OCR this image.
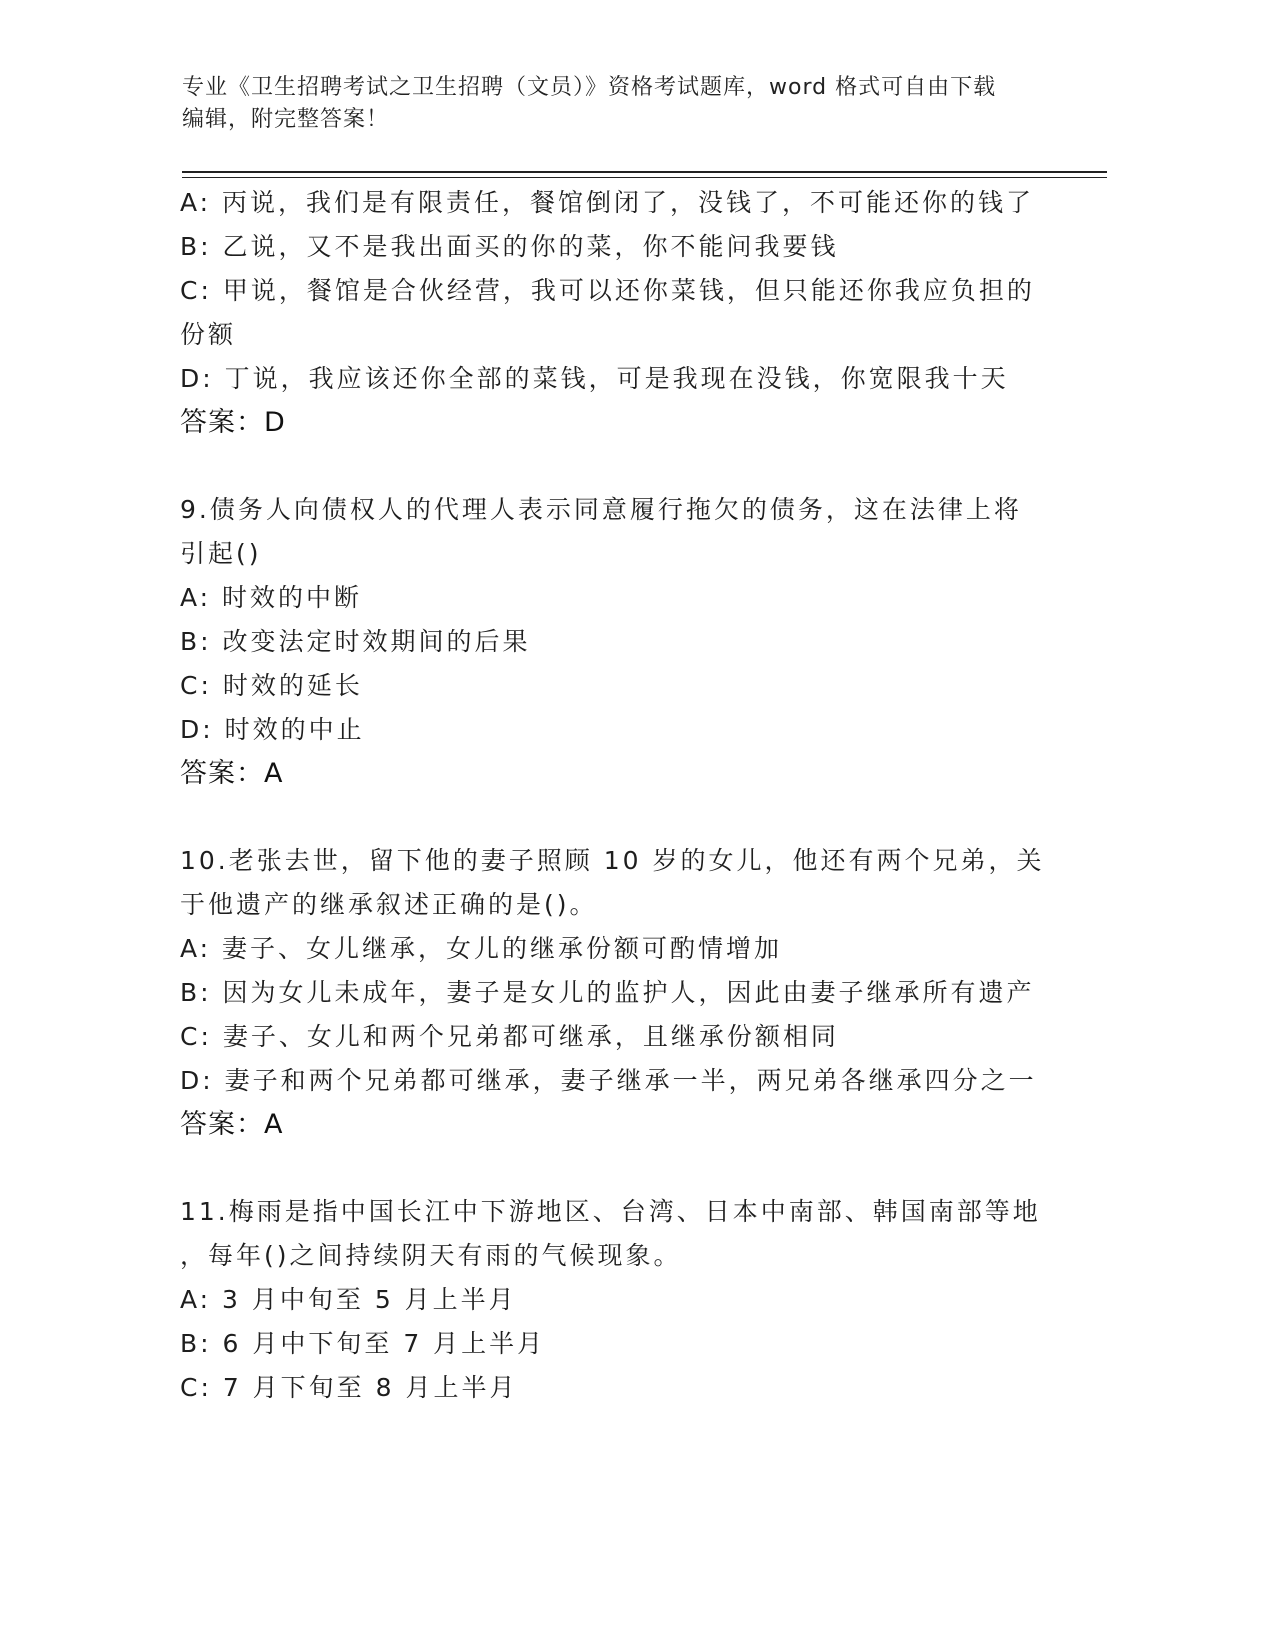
专业《卫生招聘考试之卫生招聘（文员）》资格考试题库，word 格式可自由下载
编辑，附完整答案！
A: 丙说，我们是有限责任，餐馆倒闭了，没钱了，不可能还你的钱了
B: 乙说，又不是我出面买的你的菜，你不能问我要钱
C: 甲说，餐馆是合伙经营，我可以还你菜钱，但只能还你我应负担的
份额
D: 丁说，我应该还你全部的菜钱，可是我现在没钱，你宽限我十天
答案：D
9.债务人向债权人的代理人表示同意履行拖欠的债务，这在法律上将
引起()
A: 时效的中断
B: 改变法定时效期间的后果
C: 时效的延长
D: 时效的中止
答案：A
10.老张去世，留下他的妻子照顾 10 岁的女儿，他还有两个兄弟，关
于他遗产的继承叙述正确的是()。
A: 妻子、女儿继承，女儿的继承份额可酌情增加
B: 因为女儿未成年，妻子是女儿的监护人，因此由妻子继承所有遗产
C: 妻子、女儿和两个兄弟都可继承，且继承份额相同
D: 妻子和两个兄弟都可继承，妻子继承一半，两兄弟各继承四分之一
答案：A
11.梅雨是指中国长江中下游地区、台湾、日本中南部、韩国南部等地
，每年()之间持续阴天有雨的气候现象。
A: 3 月中旬至 5 月上半月
B: 6 月中下旬至 7 月上半月
C: 7 月下旬至 8 月上半月
